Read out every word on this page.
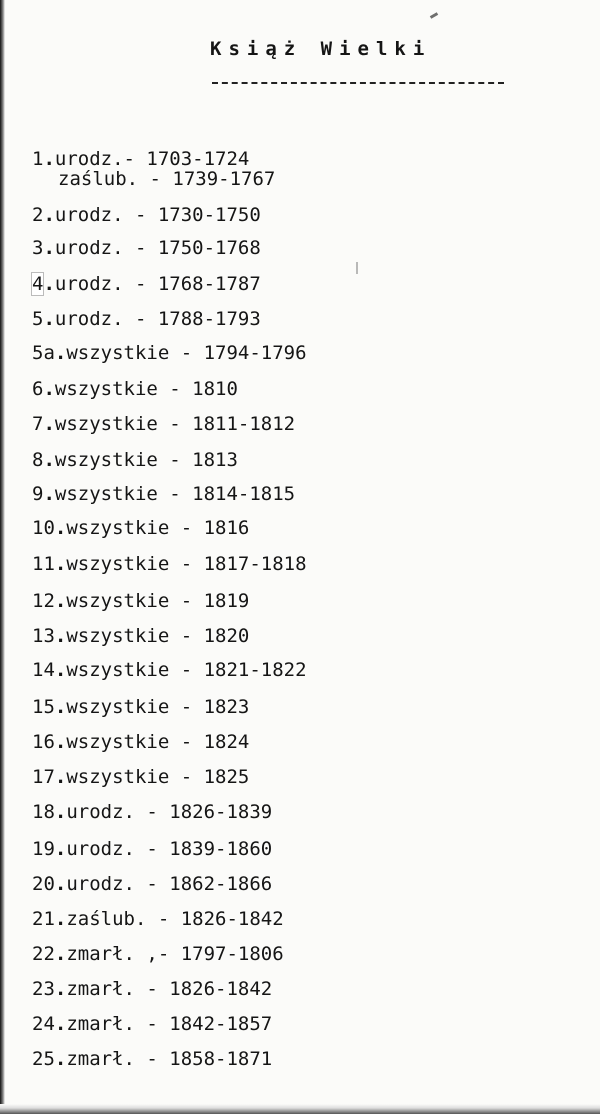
Książ Wielki
1.urodz.- 1703-1724
zaślub. - 1739-1767
2.urodz. - 1730-1750
3.urodz. - 1750-1768
4.urodz. - 1768-1787
5.urodz. - 1788-1793
5a.wszystkie - 1794-1796
6.wszystkie - 1810
7.wszystkie - 1811-1812
8.wszystkie - 1813
9.wszystkie - 1814-1815
10.wszystkie - 1816
11.wszystkie - 1817-1818
12.wszystkie - 1819
13.wszystkie - 1820
14.wszystkie - 1821-1822
15.wszystkie - 1823
16.wszystkie - 1824
17.wszystkie - 1825
18.urodz. - 1826-1839
19.urodz. - 1839-1860
20.urodz. - 1862-1866
21.zaślub. - 1826-1842
22.zmarł. ,- 1797-1806
23.zmarł. - 1826-1842
24.zmarł. - 1842-1857
25.zmarł. - 1858-1871
